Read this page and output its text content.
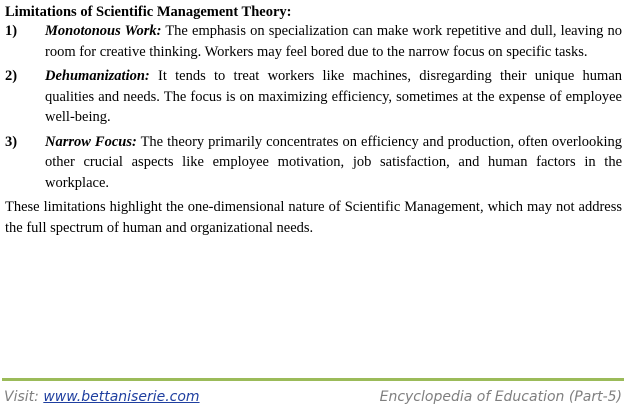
Limitations of Scientific Management Theory:

1)	Monotonous Work: The emphasis on specialization can make work repetitive and dull, leaving no room for creative thinking. Workers may feel bored due to the narrow focus on specific tasks.
2)	Dehumanization: It tends to treat workers like machines, disregarding their unique human qualities and needs. The focus is on maximizing efficiency, sometimes at the expense of employee well-being.
3)	Narrow Focus: The theory primarily concentrates on efficiency and production, often overlooking other crucial aspects like employee motivation, job satisfaction, and human factors in the workplace.

These limitations highlight the one-dimensional nature of Scientific Management, which may not address the full spectrum of human and organizational needs.

Visit: www.bettaniserie.com	Encyclopedia of Education (Part-5)
